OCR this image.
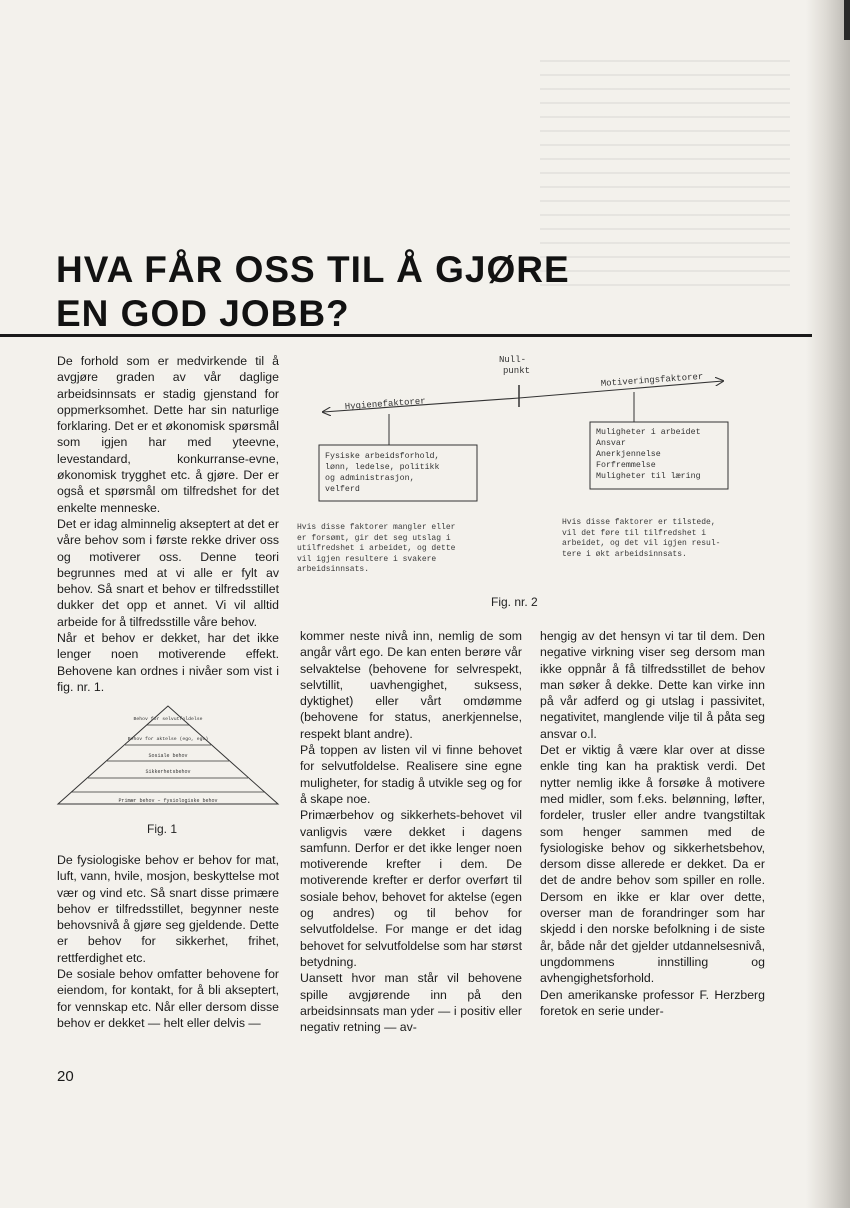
HVA FÅR OSS TIL Å GJØRE
EN GOD JOBB?

De forhold som er medvirkende til å avgjøre graden av vår daglige arbeidsinnsats er stadig gjenstand for oppmerksomhet. Dette har sin naturlige forklaring. Det er et økonomisk spørsmål som igjen har med yteevne, levestandard, konkurranse-evne, økonomisk trygghet etc. å gjøre. Der er også et spørsmål om tilfredshet for det enkelte menneske.

Det er idag alminnelig akseptert at det er våre behov som i første rekke driver oss og motiverer oss. Denne teori begrunnes med at vi alle er fylt av behov. Så snart et behov er tilfredsstillet dukker det opp et annet. Vi vil alltid arbeide for å tilfredsstille våre behov.

Når et behov er dekket, har det ikke lenger noen motiverende effekt. Behovene kan ordnes i nivåer som vist i fig. nr. 1.

Behov for selvutfoldelse
Behov for aktelse (ego, ego)
Sosiale behov
Sikkerhetsbehov
Primær behov – fysiologiske behov
Fig. 1

De fysiologiske behov er behov for mat, luft, vann, hvile, mosjon, beskyttelse mot vær og vind etc. Så snart disse primære behov er tilfredsstillet, begynner neste behovsnivå å gjøre seg gjeldende. Dette er behov for sikkerhet, frihet, rettferdighet etc.

De sosiale behov omfatter behovene for eiendom, for kontakt, for å bli akseptert, for vennskap etc. Når eller dersom disse behov er dekket — helt eller delvis —

Null-
punkt
Hygienefaktorer
Motiveringsfaktorer
Fysiske arbeidsforhold,
lønn, ledelse, politikk
og administrasjon,
velferd
Muligheter i arbeidet
Ansvar
Anerkjennelse
Forfremmelse
Muligheter til læring
Hvis disse faktorer mangler eller
er forsømt, gir det seg utslag i
utilfredshet i arbeidet, og dette
vil igjen resultere i svakere
arbeidsinnsats.
Hvis disse faktorer er tilstede,
vil det føre til tilfredshet i
arbeidet, og det vil igjen resul-
tere i økt arbeidsinnsats.
Fig. nr. 2

kommer neste nivå inn, nemlig de som angår vårt ego. De kan enten berøre vår selvaktelse (behovene for selvrespekt, selvtillit, uavhengighet, suksess, dyktighet) eller vårt omdømme (behovene for status, anerkjennelse, respekt blant andre).

På toppen av listen vil vi finne behovet for selvutfoldelse. Realisere sine egne muligheter, for stadig å utvikle seg og for å skape noe.

Primærbehov og sikkerhets-behovet vil vanligvis være dekket i dagens samfunn. Derfor er det ikke lenger noen motiverende krefter i dem. De motiverende krefter er derfor overført til sosiale behov, behovet for aktelse (egen og andres) og til behov for selvutfoldelse. For mange er det idag behovet for selvutfoldelse som har størst betydning.

Uansett hvor man står vil behovene spille avgjørende inn på den arbeidsinnsats man yder — i positiv eller negativ retning — av-

hengig av det hensyn vi tar til dem. Den negative virkning viser seg dersom man ikke oppnår å få tilfredsstillet de behov man søker å dekke. Dette kan virke inn på vår adferd og gi utslag i passivitet, negativitet, manglende vilje til å påta seg ansvar o.l.

Det er viktig å være klar over at disse enkle ting kan ha praktisk verdi. Det nytter nemlig ikke å forsøke å motivere med midler, som f.eks. belønning, løfter, fordeler, trusler eller andre tvangstiltak som henger sammen med de fysiologiske behov og sikkerhetsbehov, dersom disse allerede er dekket. Da er det de andre behov som spiller en rolle. Dersom en ikke er klar over dette, overser man de forandringer som har skjedd i den norske befolkning i de siste år, både når det gjelder utdannelsesnivå, ungdommens innstilling og avhengighetsforhold.

Den amerikanske professor F. Herzberg foretok en serie under-

20
